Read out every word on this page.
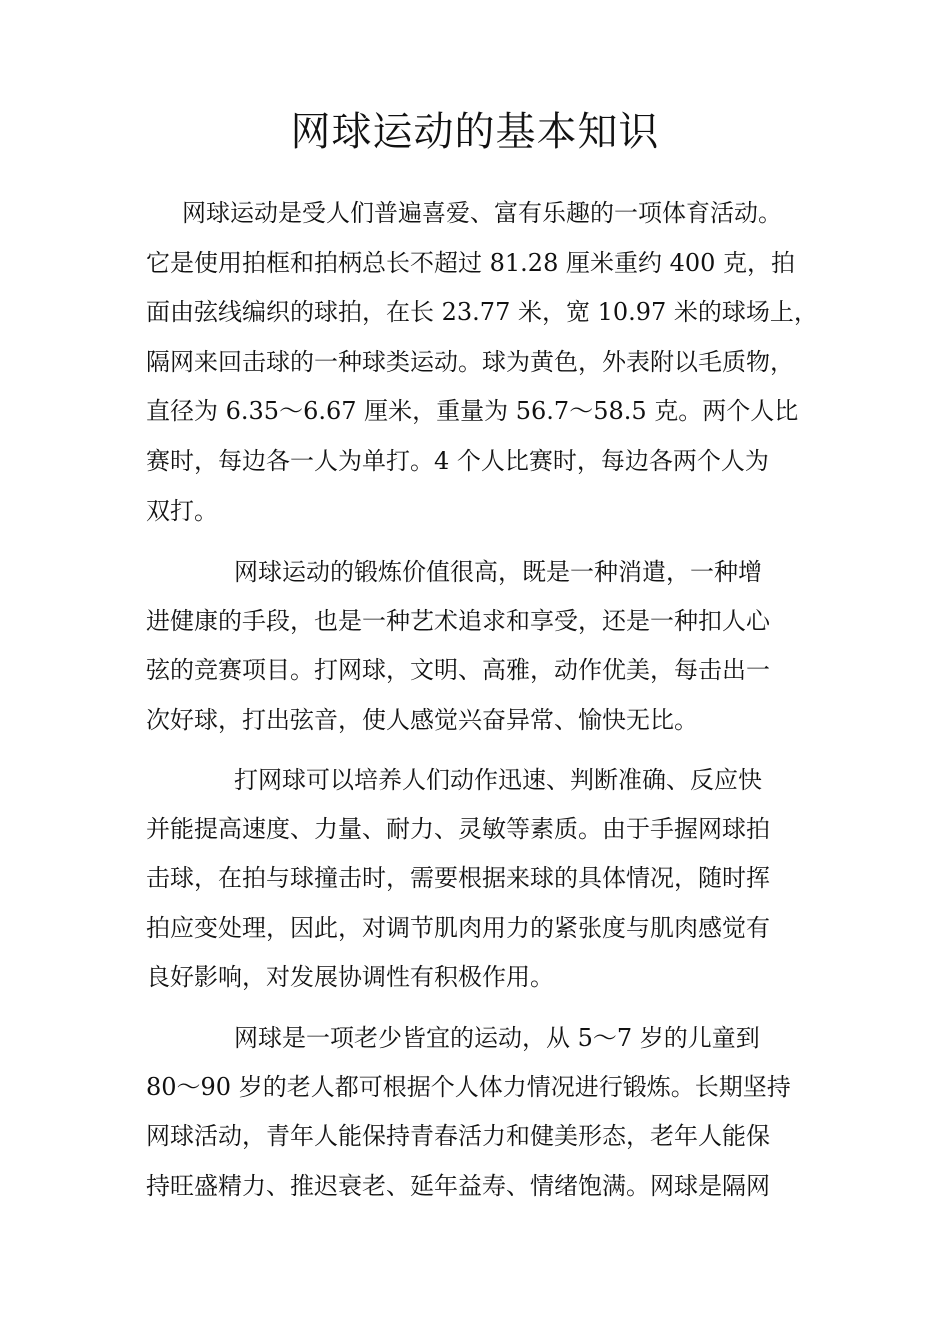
网球运动的基本知识
网球运动是受人们普遍喜爱、富有乐趣的一项体育活动。
它是使用拍框和拍柄总长不超过 81.28 厘米重约 400 克，拍
面由弦线编织的球拍，在长 23.77 米，宽 10.97 米的球场上，
隔网来回击球的一种球类运动。球为黄色，外表附以毛质物，
直径为 6.35～6.67 厘米，重量为 56.7～58.5 克。两个人比
赛时，每边各一人为单打。4 个人比赛时，每边各两个人为
双打。
网球运动的锻炼价值很高，既是一种消遣，一种增
进健康的手段，也是一种艺术追求和享受，还是一种扣人心
弦的竞赛项目。打网球，文明、高雅，动作优美，每击出一
次好球，打出弦音，使人感觉兴奋异常、愉快无比。
打网球可以培养人们动作迅速、判断准确、反应快
并能提高速度、力量、耐力、灵敏等素质。由于手握网球拍
击球，在拍与球撞击时，需要根据来球的具体情况，随时挥
拍应变处理，因此，对调节肌肉用力的紧张度与肌肉感觉有
良好影响，对发展协调性有积极作用。
网球是一项老少皆宜的运动，从 5～7 岁的儿童到
80～90 岁的老人都可根据个人体力情况进行锻炼。长期坚持
网球活动，青年人能保持青春活力和健美形态，老年人能保
持旺盛精力、推迟衰老、延年益寿、情绪饱满。网球是隔网
